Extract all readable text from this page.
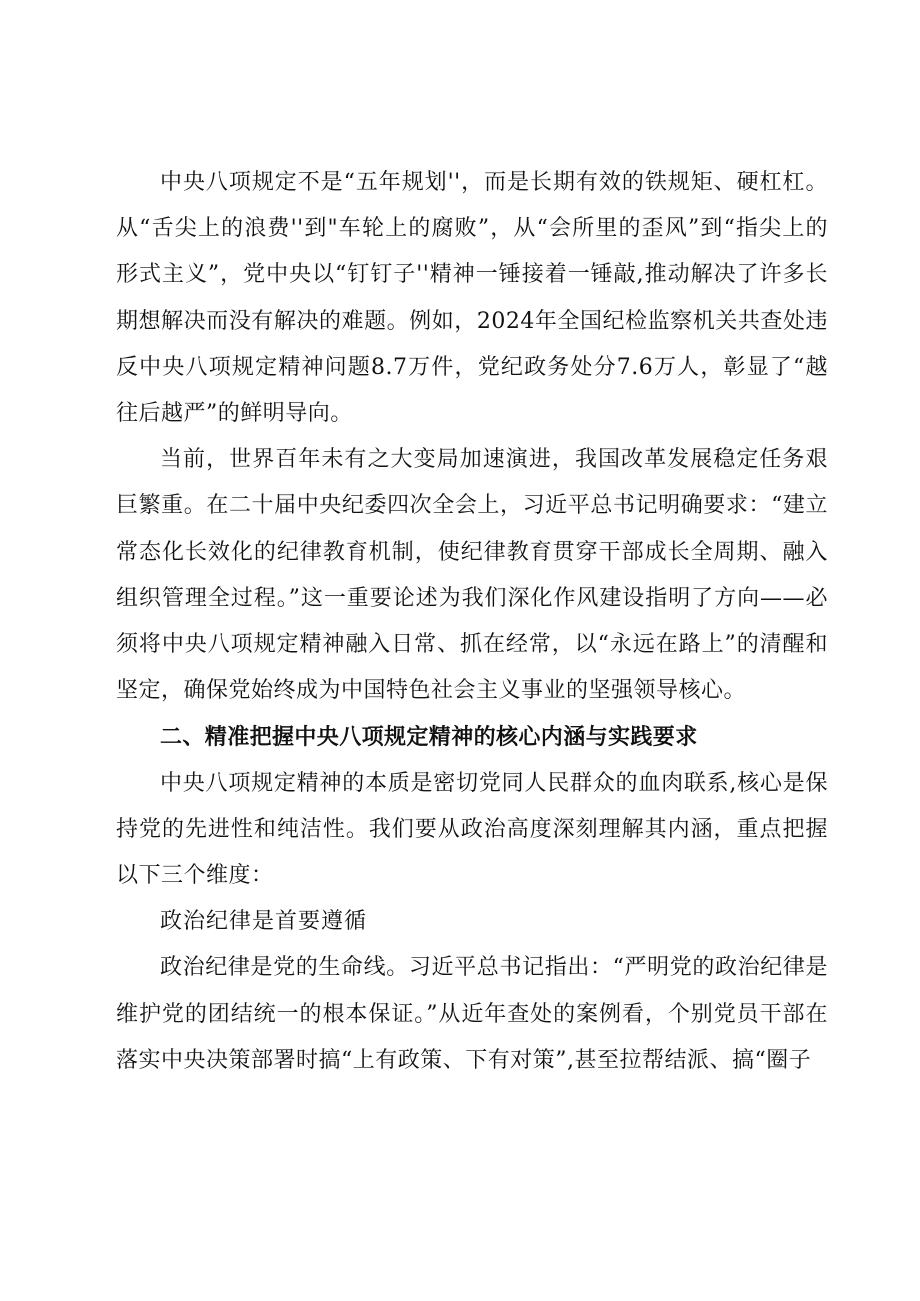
中央八项规定不是“五年规划''，而是长期有效的铁规矩、硬杠杠。从“舌尖上的浪费''到"车轮上的腐败”，从“会所里的歪风”到“指尖上的形式主义”，党中央以“钉钉子''精神一锤接着一锤敲,推动解决了许多长期想解决而没有解决的难题。例如，2024年全国纪检监察机关共查处违反中央八项规定精神问题8.7万件，党纪政务处分7.6万人，彰显了“越往后越严”的鲜明导向。

当前，世界百年未有之大变局加速演进，我国改革发展稳定任务艰巨繁重。在二十届中央纪委四次全会上，习近平总书记明确要求：“建立常态化长效化的纪律教育机制，使纪律教育贯穿干部成长全周期、融入组织管理全过程。”这一重要论述为我们深化作风建设指明了方向——必须将中央八项规定精神融入日常、抓在经常，以“永远在路上”的清醒和坚定，确保党始终成为中国特色社会主义事业的坚强领导核心。

二、精准把握中央八项规定精神的核心内涵与实践要求

中央八项规定精神的本质是密切党同人民群众的血肉联系,核心是保持党的先进性和纯洁性。我们要从政治高度深刻理解其内涵，重点把握以下三个维度：

政治纪律是首要遵循

政治纪律是党的生命线。习近平总书记指出：“严明党的政治纪律是维护党的团结统一的根本保证。”从近年查处的案例看，个别党员干部在落实中央决策部署时搞“上有政策、下有对策”,甚至拉帮结派、搞“圈子
